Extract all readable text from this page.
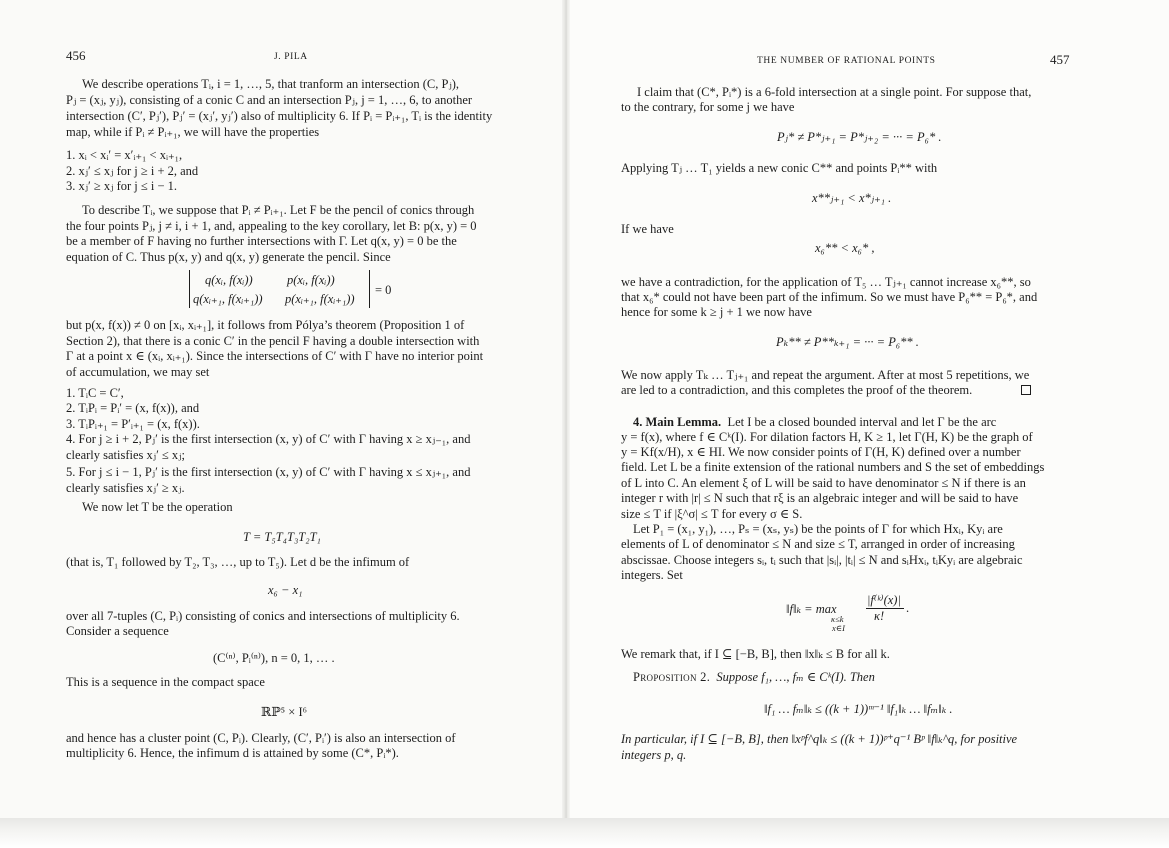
456	J. PILA
We describe operations Tᵢ, i = 1, …, 5, that tranform an intersection (C, Pⱼ),
Pⱼ = (xⱼ, yⱼ), consisting of a conic C and an intersection Pⱼ, j = 1, …, 6, to another
intersection (C′, Pⱼ′), Pⱼ′ = (xⱼ′, yⱼ′) also of multiplicity 6. If Pᵢ = Pᵢ₊₁, Tᵢ is the identity
map, while if Pᵢ ≠ Pᵢ₊₁, we will have the properties
1. xᵢ < xᵢ′ = x′ᵢ₊₁ < xᵢ₊₁,
2. xⱼ′ ≤ xⱼ for j ≥ i + 2, and
3. xⱼ′ ≥ xⱼ for j ≤ i − 1.
To describe Tᵢ, we suppose that Pᵢ ≠ Pᵢ₊₁. Let F be the pencil of conics through
the four points Pⱼ, j ≠ i, i + 1, and, appealing to the key corollary, let B: p(x, y) = 0
be a member of F having no further intersections with Γ. Let q(x, y) = 0 be the
equation of C. Thus p(x, y) and q(x, y) generate the pencil. Since
q(xᵢ, f(xᵢ))	p(xᵢ, f(xᵢ))
q(xᵢ₊₁, f(xᵢ₊₁)) p(xᵢ₊₁, f(xᵢ₊₁))
= 0
but p(x, f(x)) ≠ 0 on [xᵢ, xᵢ₊₁], it follows from Pólya’s theorem (Proposition 1 of
Section 2), that there is a conic C′ in the pencil F having a double intersection with
Γ at a point x ∈ (xᵢ, xᵢ₊₁). Since the intersections of C′ with Γ have no interior point
of accumulation, we may set
1. TᵢC = C′,
2. TᵢPᵢ = Pᵢ′ = (x, f(x)), and
3. TᵢPᵢ₊₁ = P′ᵢ₊₁ = (x, f(x)).
4. For j ≥ i + 2, Pⱼ′ is the first intersection (x, y) of C′ with Γ having x ≥ xⱼ₋₁, and
clearly satisfies xⱼ′ ≤ xⱼ;
5. For j ≤ i − 1, Pⱼ′ is the first intersection (x, y) of C′ with Γ having x ≤ xⱼ₊₁, and
clearly satisfies xⱼ′ ≥ xⱼ.
We now let T be the operation
T = T₅T₄T₃T₂T₁
(that is, T₁ followed by T₂, T₃, …, up to T₅). Let d be the infimum of
x₆ − x₁
over all 7-tuples (C, Pᵢ) consisting of conics and intersections of multiplicity 6.
Consider a sequence
(C⁽ⁿ⁾, Pᵢ⁽ⁿ⁾), n = 0, 1, … .
This is a sequence in the compact space
ℝℙ⁵ × I⁶
and hence has a cluster point (C, Pᵢ). Clearly, (C′, Pᵢ′) is also an intersection of
multiplicity 6. Hence, the infimum d is attained by some (C*, Pᵢ*).
THE NUMBER OF RATIONAL POINTS	457
I claim that (C*, Pᵢ*) is a 6-fold intersection at a single point. For suppose that,
to the contrary, for some j we have
Pⱼ* ≠ P*ⱼ₊₁ = P*ⱼ₊₂ = ··· = P₆* .
Applying Tⱼ … T₁ yields a new conic C** and points Pᵢ** with
x**ⱼ₊₁ < x*ⱼ₊₁ .
If we have
x₆** < x₆* ,
we have a contradiction, for the application of T₅ … Tⱼ₊₁ cannot increase x₆**, so
that x₆* could not have been part of the infimum. So we must have P₆** = P₆*, and
hence for some k ≥ j + 1 we now have
Pₖ** ≠ P**ₖ₊₁ = ··· = P₆** .
We now apply Tₖ … Tⱼ₊₁ and repeat the argument. After at most 5 repetitions, we
are led to a contradiction, and this completes the proof of the theorem.
4. Main Lemma. Let I be a closed bounded interval and let Γ be the arc
y = f(x), where f ∈ Cᵏ(I). For dilation factors H, K ≥ 1, let Γ(H, K) be the graph of
y = Kf(x/H), x ∈ HI. We now consider points of Γ(H, K) defined over a number
field. Let L be a finite extension of the rational numbers and S the set of embeddings
of L into C. An element ξ of L will be said to have denominator ≤ N if there is an
integer r with |r| ≤ N such that rξ is an algebraic integer and will be said to have
size ≤ T if |ξ^σ| ≤ T for every σ ∈ S.
Let P₁ = (x₁, y₁), …, Pₛ = (xₛ, yₛ) be the points of Γ for which Hxᵢ, Kyᵢ are
elements of L of denominator ≤ N and size ≤ T, arranged in order of increasing
abscissae. Choose integers sᵢ, tᵢ such that |sᵢ|, |tᵢ| ≤ N and sᵢHxᵢ, tᵢKyᵢ are algebraic
integers. Set
‖f‖ₖ = max
κ≤k
x∈I
|f⁽ᵏ⁾(x)|
κ!
.
We remark that, if I ⊆ [−B, B], then ‖x‖ₖ ≤ B for all k.
Proposition 2. Suppose f₁, …, fₘ ∈ Cᵏ(I). Then
‖f₁ … fₘ‖ₖ ≤ ((k + 1))ᵐ⁻¹ ‖f₁‖ₖ … ‖fₘ‖ₖ .
In particular, if I ⊆ [−B, B], then ‖xᵖf^q‖ₖ ≤ ((k + 1))ᵖ⁺q⁻¹ Bᵖ ‖f‖ₖ^q, for positive
integers p, q.
